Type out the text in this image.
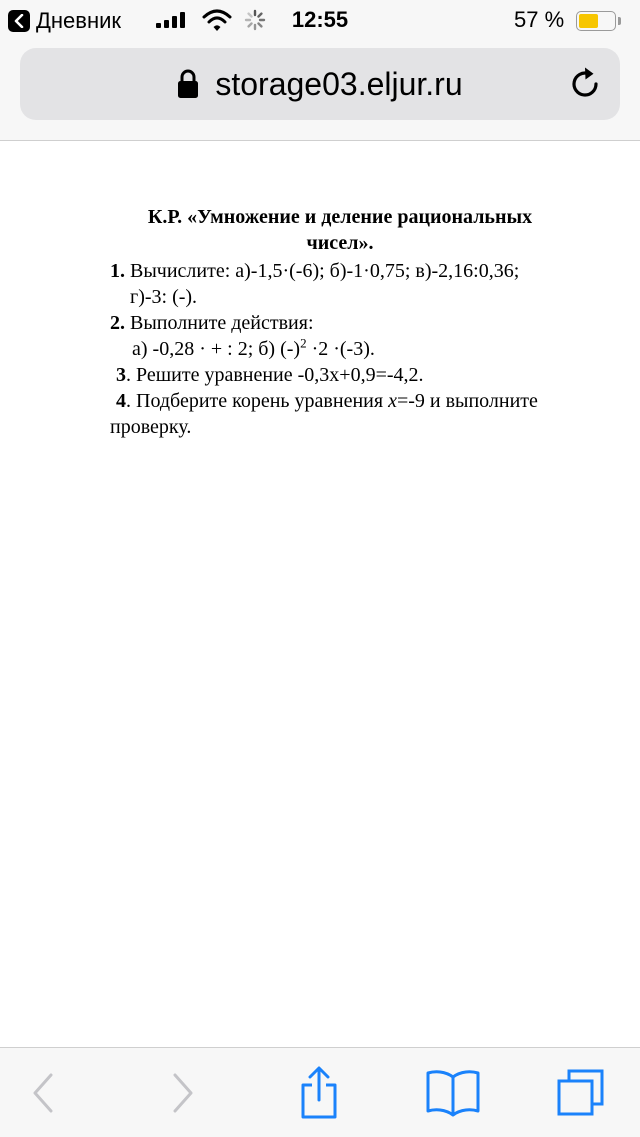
Дневник	12:55	57 %
storage03.eljur.ru
К.Р. «Умножение и деление рациональных
чисел».
1. Вычислите: а)-1,5·(-6); б)-1·0,75; в)-2,16:0,36;
г)-3: (-).
2. Выполните действия:
а) -0,28 · + : 2; б) $(-)^2 \cdot 2 \cdot(-3)$.
3. Решите уравнение -0,3х+0,9=-4,2.
4. Подберите корень уравнения x=-9 и выполните
проверку.
